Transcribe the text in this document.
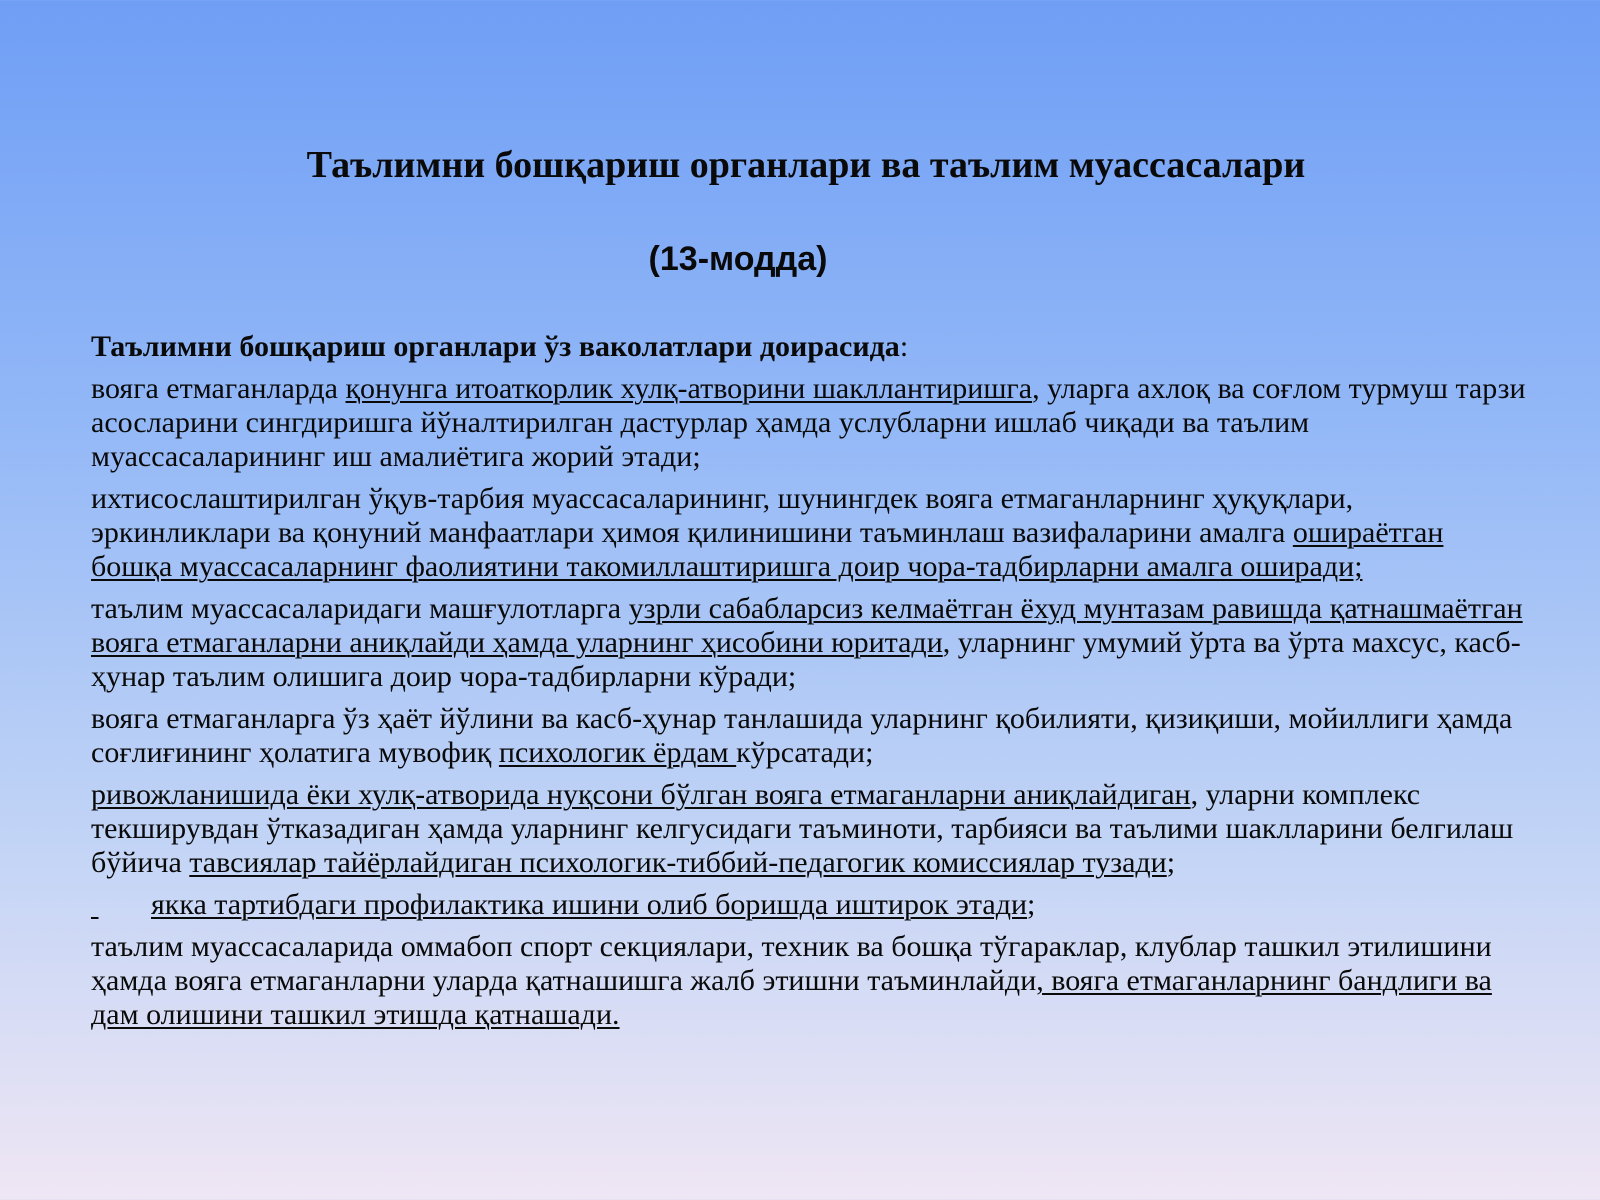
Таълимни бошқариш органлари ва таълим муассасалари
(13-модда)

Таълимни бошқариш органлари ўз ваколатлари доирасида:

вояга етмаганларда қонунга итоаткорлик хулқ-атворини шакллантиришга, уларга ахлоқ ва соғлом турмуш тарзи асосларини сингдиришга йўналтирилган дастурлар ҳамда услубларни ишлаб чиқади ва таълим муассасаларининг иш амалиётига жорий этади;

ихтисослаштирилган ўқув-тарбия муассасаларининг, шунингдек вояга етмаганларнинг ҳуқуқлари, эркинликлари ва қонуний манфаатлари ҳимоя қилинишини таъминлаш вазифаларини амалга ошираётган бошқа муассасаларнинг фаолиятини такомиллаштиришга доир чора-тадбирларни амалга оширади;

таълим муассасаларидаги машғулотларга узрли сабабларсиз келмаётган ёхуд мунтазам равишда қатнашмаётган вояга етмаганларни аниқлайди ҳамда уларнинг ҳисобини юритади, уларнинг умумий ўрта ва ўрта махсус, касб-ҳунар таълим олишига доир чора-тадбирларни кўради;

вояга етмаганларга ўз ҳаёт йўлини ва касб-ҳунар танлашида уларнинг қобилияти, қизиқиши, мойиллиги ҳамда соғлиғининг ҳолатига мувофиқ психологик ёрдам кўрсатади;

ривожланишида ёки хулқ-атворида нуқсони бўлган вояга етмаганларни аниқлайдиган, уларни комплекс текширувдан ўтказадиган ҳамда уларнинг келгусидаги таъминоти, тарбияси ва таълими шаклларини белгилаш бўйича тавсиялар тайёрлайдиган психологик-тиббий-педагогик комиссиялар тузади;

якка тартибдаги профилактика ишини олиб боришда иштирок этади;

таълим муассасаларида оммабоп спорт секциялари, техник ва бошқа тўгараклар, клублар ташкил этилишини ҳамда вояга етмаганларни уларда қатнашишга жалб этишни таъминлайди, вояга етмаганларнинг бандлиги ва дам олишини ташкил этишда қатнашади.
